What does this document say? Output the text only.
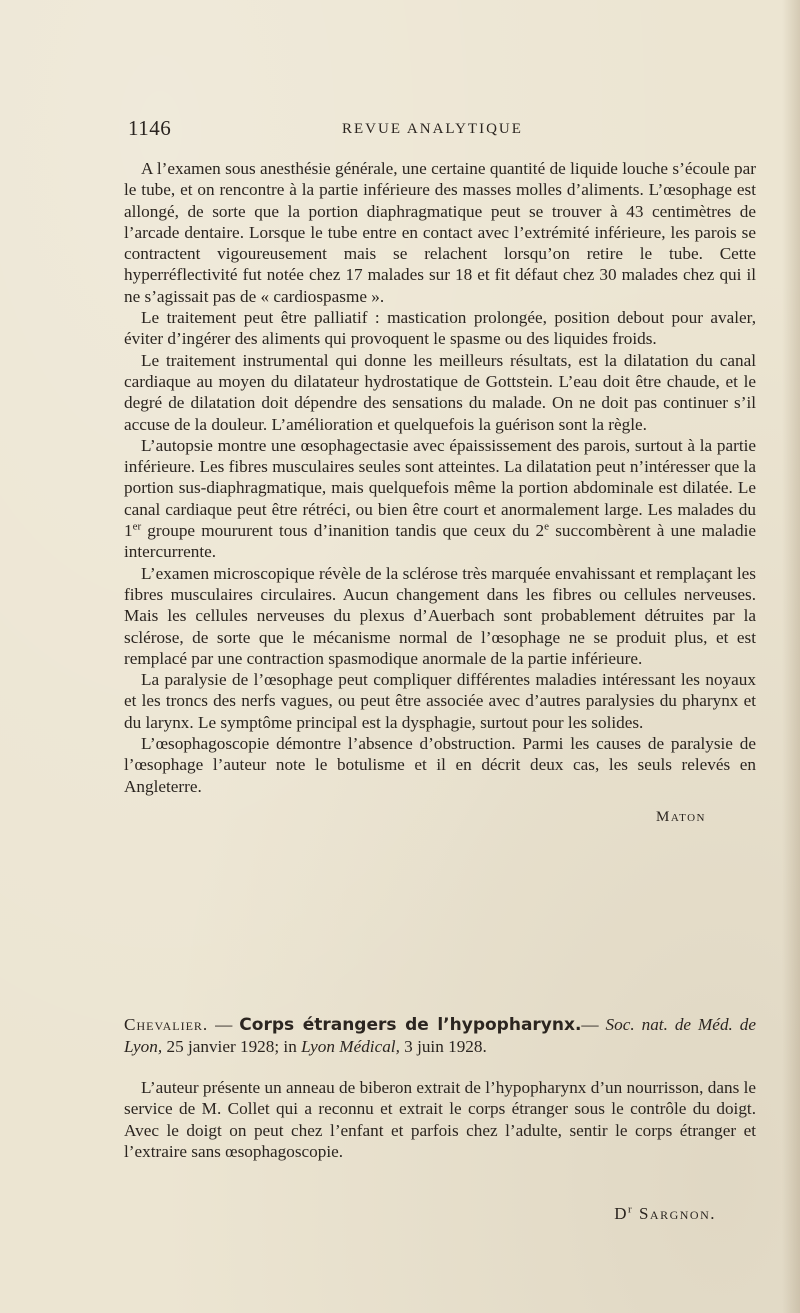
1146	REVUE ANALYTIQUE

A l’examen sous anesthésie générale, une certaine quantité de liquide louche s’écoule par le tube, et on rencontre à la partie inférieure des masses molles d’aliments. L’œsophage est allongé, de sorte que la portion diaphragmatique peut se trouver à 43 centimètres de l’arcade dentaire. Lorsque le tube entre en contact avec l’extrémité inférieure, les parois se contractent vigoureusement mais se relachent lorsqu’on retire le tube. Cette hyperréflectivité fut notée chez 17 malades sur 18 et fit défaut chez 30 malades chez qui il ne s’agissait pas de « cardiospasme ».

Le traitement peut être palliatif : mastication prolongée, position debout pour avaler, éviter d’ingérer des aliments qui provoquent le spasme ou des liquides froids.

Le traitement instrumental qui donne les meilleurs résultats, est la dilatation du canal cardiaque au moyen du dilatateur hydrostatique de Gottstein. L’eau doit être chaude, et le degré de dilatation doit dépendre des sensations du malade. On ne doit pas continuer s’il accuse de la douleur. L’amélioration et quelquefois la guérison sont la règle.

L’autopsie montre une œsophagectasie avec épaississement des parois, surtout à la partie inférieure. Les fibres musculaires seules sont atteintes. La dilatation peut n’intéresser que la portion sus-diaphragmatique, mais quelquefois même la portion abdominale est dilatée. Le canal cardiaque peut être rétréci, ou bien être court et anormalement large. Les malades du 1er groupe moururent tous d’inanition tandis que ceux du 2e succombèrent à une maladie intercurrente.

L’examen microscopique révèle de la sclérose très marquée envahissant et remplaçant les fibres musculaires circulaires. Aucun changement dans les fibres ou cellules nerveuses. Mais les cellules nerveuses du plexus d’Auerbach sont probablement détruites par la sclérose, de sorte que le mécanisme normal de l’œsophage ne se produit plus, et est remplacé par une contraction spasmodique anormale de la partie inférieure.

La paralysie de l’œsophage peut compliquer différentes maladies intéressant les noyaux et les troncs des nerfs vagues, ou peut être associée avec d’autres paralysies du pharynx et du larynx. Le symptôme principal est la dysphagie, surtout pour les solides.

L’œsophagoscopie démontre l’absence d’obstruction. Parmi les causes de paralysie de l’œsophage l’auteur note le botulisme et il en décrit deux cas, les seuls relevés en Angleterre.

Maton
Chevalier. — Corps étrangers de l’hypopharynx.— Soc. nat. de Méd. de Lyon, 25 janvier 1928; in Lyon Médical, 3 juin 1928.

L’auteur présente un anneau de biberon extrait de l’hypopharynx d’un nourrisson, dans le service de M. Collet qui a reconnu et extrait le corps étranger sous le contrôle du doigt. Avec le doigt on peut chez l’enfant et parfois chez l’adulte, sentir le corps étranger et l’extraire sans œsophagoscopie.

$D^r$ Sargnon.
